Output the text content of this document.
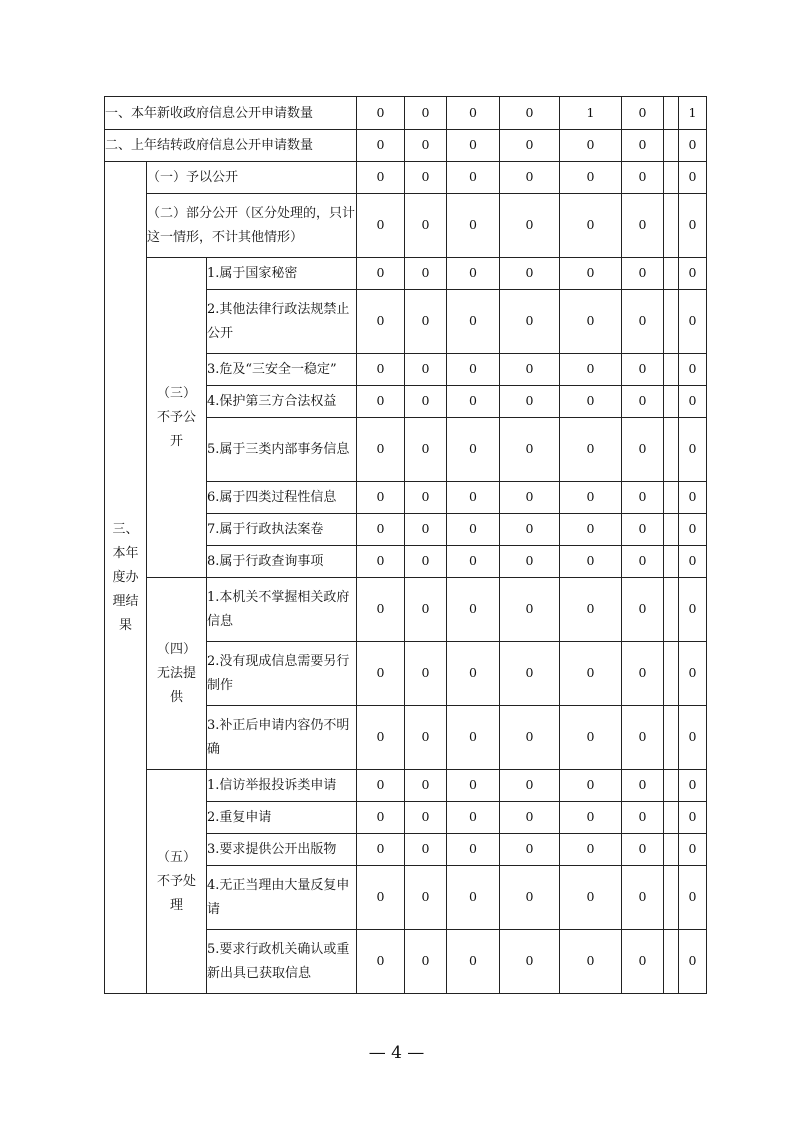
一、本年新收政府信息公开申请数量			0	0	0	0	1	0		1
二、上年结转政府信息公开申请数量			0	0	0	0	0	0		0

三、本年度办理结果	（一）予以公开		0	0	0	0	0	0		0
	（二）部分公开（区分处理的，只计这一情形，不计其他情形）		0	0	0	0	0	0		0

	（三）不予公开	1.属于国家秘密	0	0	0	0	0	0		0
		2.其他法律行政法规禁止公开	0	0	0	0	0	0		0
		3.危及“三安全一稳定”	0	0	0	0	0	0		0
		4.保护第三方合法权益	0	0	0	0	0	0		0
		5.属于三类内部事务信息	0	0	0	0	0	0		0
		6.属于四类过程性信息	0	0	0	0	0	0		0
		7.属于行政执法案卷	0	0	0	0	0	0		0
		8.属于行政查询事项	0	0	0	0	0	0		0

	（四）无法提供	1.本机关不掌握相关政府信息	0	0	0	0	0	0		0
		2.没有现成信息需要另行制作	0	0	0	0	0	0		0
		3.补正后申请内容仍不明确	0	0	0	0	0	0		0

	（五）不予处理	1.信访举报投诉类申请	0	0	0	0	0	0		0
		2.重复申请	0	0	0	0	0	0		0
		3.要求提供公开出版物	0	0	0	0	0	0		0
		4.无正当理由大量反复申请	0	0	0	0	0	0		0
		5.要求行政机关确认或重新出具已获取信息	0	0	0	0	0	0		0
— 4 —
